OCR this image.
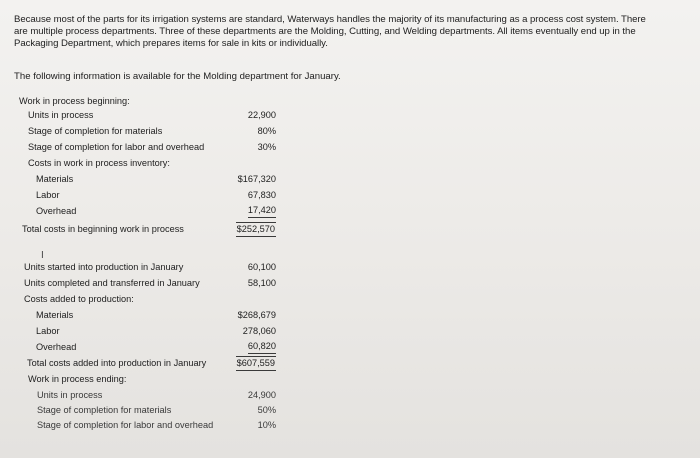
Because most of the parts for its irrigation systems are standard, Waterways handles the majority of its manufacturing as a process cost system. There

are multiple process departments. Three of these departments are the Molding, Cutting, and Welding departments. All items eventually end up in the

Packaging Department, which prepares items for sale in kits or individually.

The following information is available for the Molding department for January.
Work in process beginning:
Units in process	22,900
Stage of completion for materials	80%
Stage of completion for labor and overhead	30%
Costs in work in process inventory:
Materials	$167,320
Labor	67,830
Overhead	17,420
Total costs in beginning work in process	$252,570
I
Units started into production in January	60,100
Units completed and transferred in January	58,100
Costs added to production:
Materials	$268,679
Labor	278,060
Overhead	60,820
Total costs added into production in January	$607,559
Work in process ending:
Units in process	24,900
Stage of completion for materials	50%
Stage of completion for labor and overhead	10%
